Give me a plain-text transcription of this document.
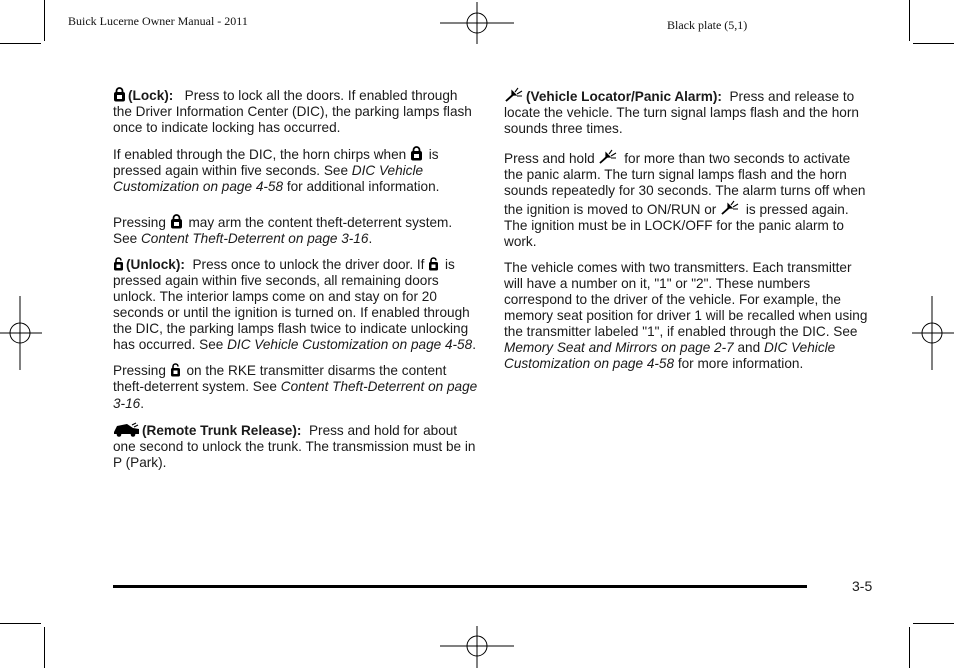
Buick Lucerne Owner Manual - 2011	Black plate (5,1)

(Lock): Press to lock all the doors. If enabled through the Driver Information Center (DIC), the parking lamps flash once to indicate locking has occurred.

If enabled through the DIC, the horn chirps when is pressed again within five seconds. See DIC Vehicle Customization on page 4-58 for additional information.

Pressing may arm the content theft-deterrent system. See Content Theft-Deterrent on page 3-16.

(Unlock): Press once to unlock the driver door. If is pressed again within five seconds, all remaining doors unlock. The interior lamps come on and stay on for 20 seconds or until the ignition is turned on. If enabled through the DIC, the parking lamps flash twice to indicate unlocking has occurred. See DIC Vehicle Customization on page 4-58.

Pressing on the RKE transmitter disarms the content theft-deterrent system. See Content Theft-Deterrent on page 3-16.

(Remote Trunk Release): Press and hold for about one second to unlock the trunk. The transmission must be in P (Park).

(Vehicle Locator/Panic Alarm): Press and release to locate the vehicle. The turn signal lamps flash and the horn sounds three times.

Press and hold for more than two seconds to activate the panic alarm. The turn signal lamps flash and the horn sounds repeatedly for 30 seconds. The alarm turns off when the ignition is moved to ON/RUN or is pressed again. The ignition must be in LOCK/OFF for the panic alarm to work.

The vehicle comes with two transmitters. Each transmitter will have a number on it, "1" or "2". These numbers correspond to the driver of the vehicle. For example, the memory seat position for driver 1 will be recalled when using the transmitter labeled "1", if enabled through the DIC. See Memory Seat and Mirrors on page 2-7 and DIC Vehicle Customization on page 4-58 for more information.

3-5
